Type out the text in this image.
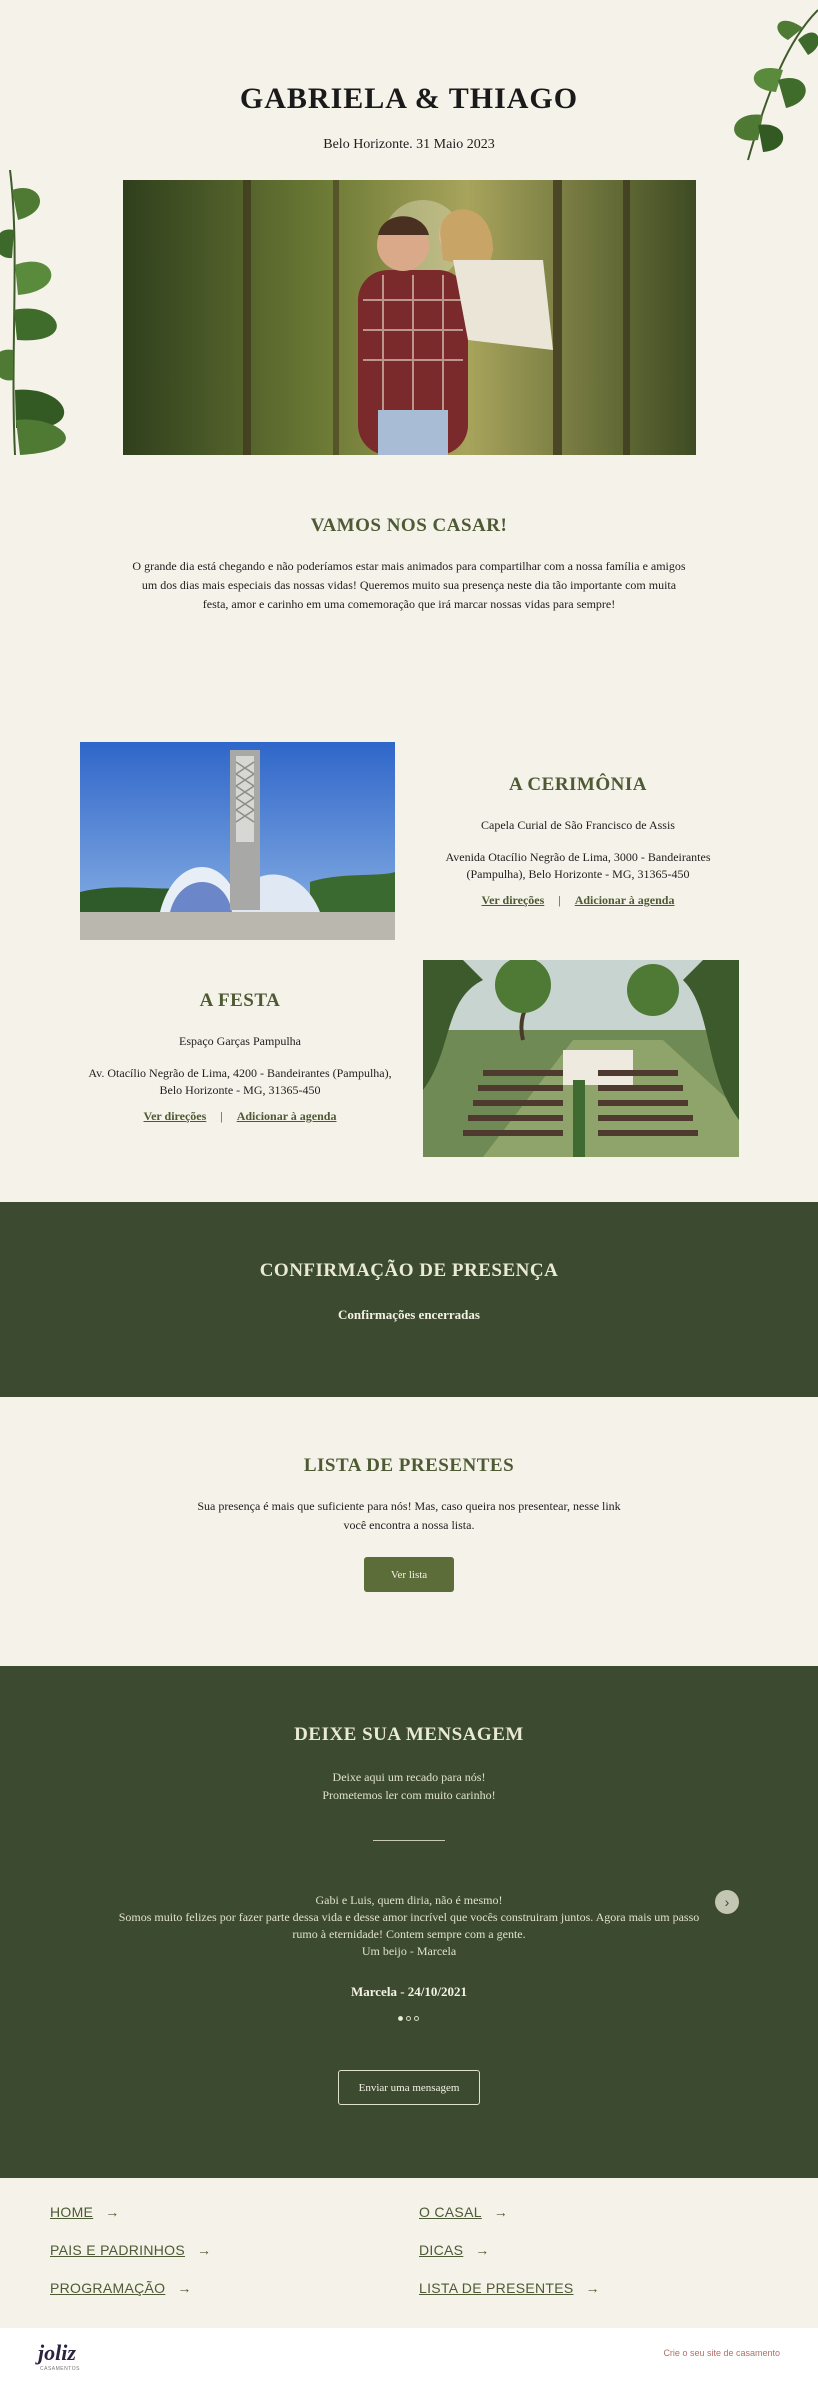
GABRIELA & THIAGO
Belo Horizonte. 31 Maio 2023
VAMOS NOS CASAR!

O grande dia está chegando e não poderíamos estar mais animados para compartilhar com a nossa família e amigos um dos dias mais especiais das nossas vidas! Queremos muito sua presença neste dia tão importante com muita festa, amor e carinho em uma comemoração que irá marcar nossas vidas para sempre!

A CERIMÔNIA
Capela Curial de São Francisco de Assis
Avenida Otacílio Negrão de Lima, 3000 - Bandeirantes (Pampulha), Belo Horizonte - MG, 31365-450
Ver direções | Adicionar à agenda
A FESTA
Espaço Garças Pampulha
Av. Otacílio Negrão de Lima, 4200 - Bandeirantes (Pampulha), Belo Horizonte - MG, 31365-450
Ver direções | Adicionar à agenda
CONFIRMAÇÃO DE PRESENÇA
Confirmações encerradas
LISTA DE PRESENTES

Sua presença é mais que suficiente para nós! Mas, caso queira nos presentear, nesse link você encontra a nossa lista.

Ver lista
DEIXE SUA MENSAGEM
Deixe aqui um recado para nós!
Prometemos ler com muito carinho!
Gabi e Luis, quem diria, não é mesmo!
Somos muito felizes por fazer parte dessa vida e desse amor incrível que vocês construiram juntos. Agora mais um passo rumo à eternidade! Contem sempre com a gente.
Um beijo - Marcela
›
Marcela - 24/10/2021
Enviar uma mensagem
HOME →
PAIS E PADRINHOS →
PROGRAMAÇÃO →
O CASAL →
DICAS →
LISTA DE PRESENTES →
joliz
CASAMENTOS
Crie o seu site de casamento
